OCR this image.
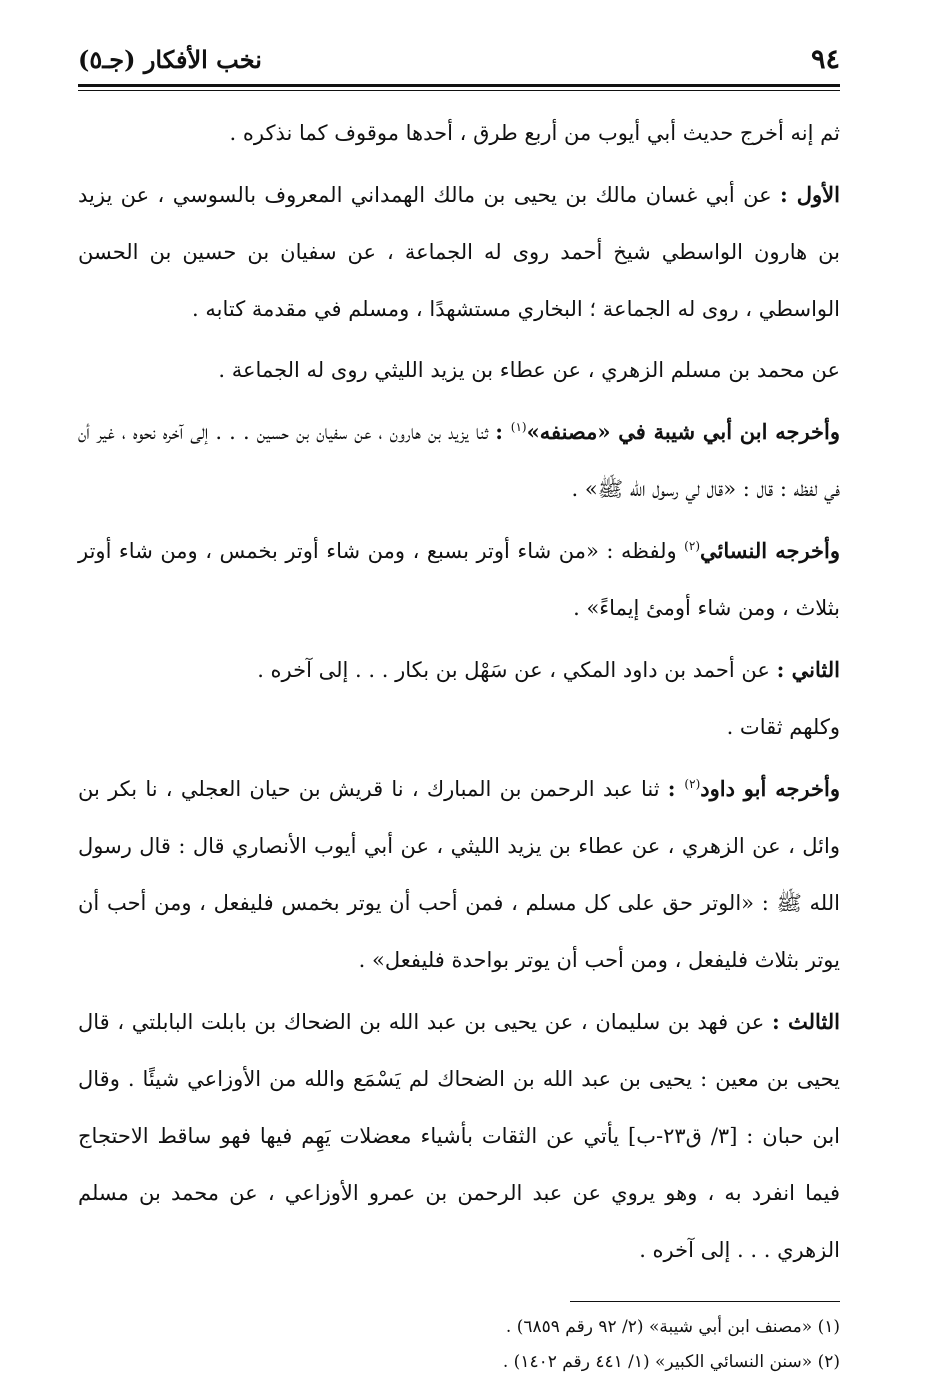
٩٤
نخب الأفكار (جـ٥)

ثم إنه أخرج حديث أبي أيوب من أربع طرق ، أحدها موقوف كما نذكره .

الأول : عن أبي غسان مالك بن يحيى بن مالك الهمداني المعروف بالسوسي ، عن يزيد بن هارون الواسطي شيخ أحمد روى له الجماعة ، عن سفيان بن حسين بن الحسن الواسطي ، روى له الجماعة ؛ البخاري مستشهدًا ، ومسلم في مقدمة كتابه .

عن محمد بن مسلم الزهري ، عن عطاء بن يزيد الليثي روى له الجماعة .

وأخرجه ابن أبي شيبة في «مصنفه»$^{(١)}$ : ثنا يزيد بن هارون ، عن سفيان بن حسين . . . إلى آخره نحوه ، غير أن في لفظه : قال : «قال لي رسول الله ﷺ» .

وأخرجه النسائي$^{(٢)}$ ولفظه : «من شاء أوتر بسبع ، ومن شاء أوتر بخمس ، ومن شاء أوتر بثلاث ، ومن شاء أومئ إيماءً» .

الثاني : عن أحمد بن داود المكي ، عن سَهْل بن بكار . . . إلى آخره .

وكلهم ثقات .

وأخرجه أبو داود$^{(٢)}$ : ثنا عبد الرحمن بن المبارك ، نا قريش بن حيان العجلي ، نا بكر بن وائل ، عن الزهري ، عن عطاء بن يزيد الليثي ، عن أبي أيوب الأنصاري قال : قال رسول الله ﷺ : «الوتر حق على كل مسلم ، فمن أحب أن يوتر بخمس فليفعل ، ومن أحب أن يوتر بثلاث فليفعل ، ومن أحب أن يوتر بواحدة فليفعل» .

الثالث : عن فهد بن سليمان ، عن يحيى بن عبد الله بن الضحاك بن بابلت البابلتي ، قال يحيى بن معين : يحيى بن عبد الله بن الضحاك لم يَسْمَع والله من الأوزاعي شيئًا . وقال ابن حبان : [٣/ ق٢٣-ب] يأتي عن الثقات بأشياء معضلات يَهِم فيها فهو ساقط الاحتجاج فيما انفرد به ، وهو يروي عن عبد الرحمن بن عمرو الأوزاعي ، عن محمد بن مسلم الزهري . . . إلى آخره .

(١) «مصنف ابن أبي شيبة» (٢/ ٩٢ رقم ٦٨٥٩) .

(٢) «سنن النسائي الكبير» (١/ ٤٤١ رقم ١٤٠٢) .
